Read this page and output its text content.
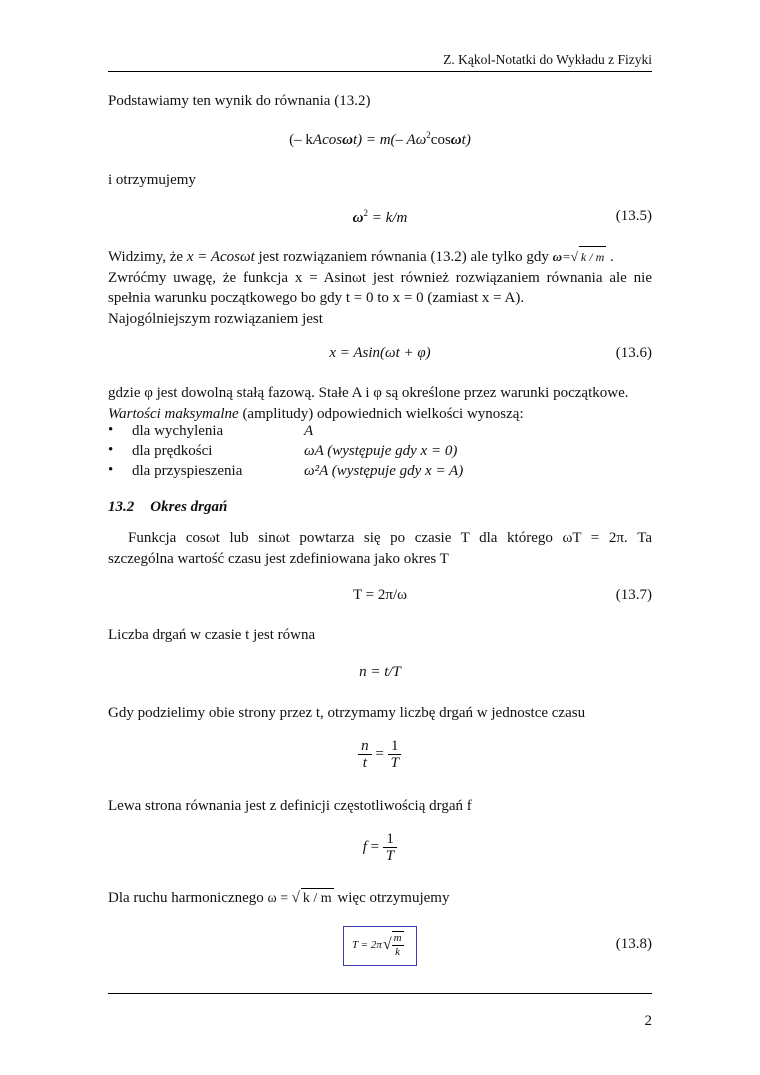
Z. Kąkol-Notatki do Wykładu z Fizyki
Podstawiamy ten wynik do równania (13.2)
(– kAcosωt) = m(– $A\omega^2\cos\omega t$)
i otrzymujemy
$\omega^2 = k/m$	(13.5)
Widzimy, że x = Acosωt jest rozwiązaniem równania (13.2) ale tylko gdy ω=√ k / m .
Zwróćmy uwagę, że funkcja x = Asinωt jest również rozwiązaniem równania ale nie
spełnia warunku początkowego bo gdy t = 0 to x = 0 (zamiast x = A).
Najogólniejszym rozwiązaniem jest
x = Asin(ωt + φ)	(13.6)
gdzie φ jest dowolną stałą fazową. Stałe A i φ są określone przez warunki początkowe.
Wartości maksymalne (amplitudy) odpowiednich wielkości wynoszą:
• dla wychylenia	A
• dla prędkości	ωA (występuje gdy x = 0)
• dla przyspieszenia	ω²A (występuje gdy x = A)
13.2 Okres drgań
Funkcja cosωt lub sinωt powtarza się po czasie T dla którego ωT = 2π. Ta
szczególna wartość czasu jest zdefiniowana jako okres T
T = 2π/ω	(13.7)
Liczba drgań w czasie t jest równa
n = t/T
Gdy podzielimy obie strony przez t, otrzymamy liczbę drgań w jednostce czasu
$\frac{n}{t} = \frac{1}{T}$
Lewa strona równania jest z definicji częstotliwością drgań f
$f = \frac{1}{T}$
Dla ruchu harmonicznego ω = √ k / m więc otrzymujemy
T = 2π √ $\frac{m}{k}$	(13.8)
2
